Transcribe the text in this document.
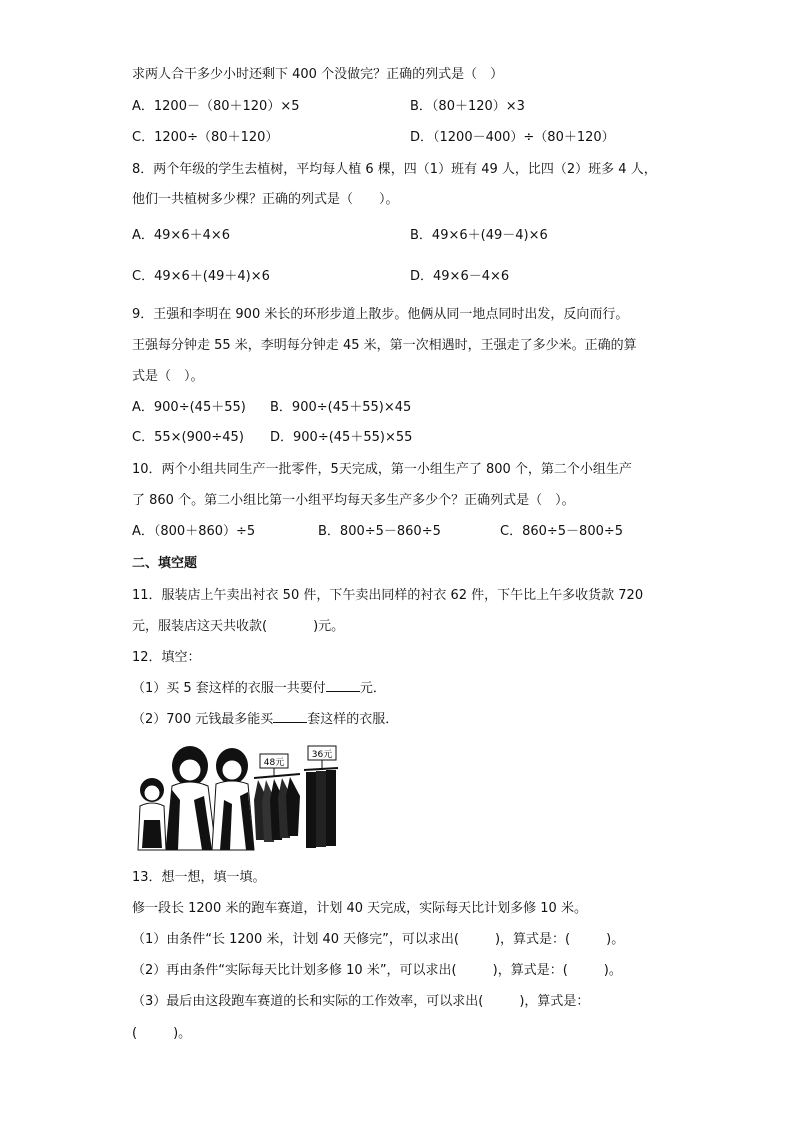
求两人合干多少小时还剩下 400 个没做完？正确的列式是（　）
A．1200－（80＋120）×5	B．（80＋120）×3
C．1200÷（80＋120）	D．（1200－400）÷（80＋120）
8．两个年级的学生去植树，平均每人植 6 棵，四（1）班有 49 人，比四（2）班多 4 人，
他们一共植树多少棵？正确的列式是（　　）。
A．49×6＋4×6	B．49×6＋(49－4)×6
C．49×6＋(49＋4)×6	D．49×6－4×6
9．王强和李明在 900 米长的环形步道上散步。他俩从同一地点同时出发，反向而行。
王强每分钟走 55 米，李明每分钟走 45 米，第一次相遇时，王强走了多少米。正确的算
式是（　）。
A．900÷(45＋55) B．900÷(45＋55)×45
C．55×(900÷45) D．900÷(45＋55)×55
10．两个小组共同生产一批零件，5天完成，第一小组生产了 800 个，第二个小组生产
了 860 个。第二小组比第一小组平均每天多生产多少个？正确列式是（　）。
A．（800＋860）÷5	B．800÷5－860÷5	C．860÷5－800÷5
二、填空题
11．服装店上午卖出衬衣 50 件，下午卖出同样的衬衣 62 件，下午比上午多收货款 720
元，服装店这天共收款(	)元。
12．填空：
（1）买 5 套这样的衣服一共要付	元．
（2）700 元钱最多能买	套这样的衣服．
48元
36元
13．想一想，填一填。
修一段长 1200 米的跑车赛道，计划 40 天完成，实际每天比计划多修 10 米。
（1）由条件“长 1200 米，计划 40 天修完”，可以求出(	)，算式是：(	)。
（2）再由条件“实际每天比计划多修 10 米”，可以求出(	)，算式是：(	)。
（3）最后由这段跑车赛道的长和实际的工作效率，可以求出(	)，算式是：
(	)。
